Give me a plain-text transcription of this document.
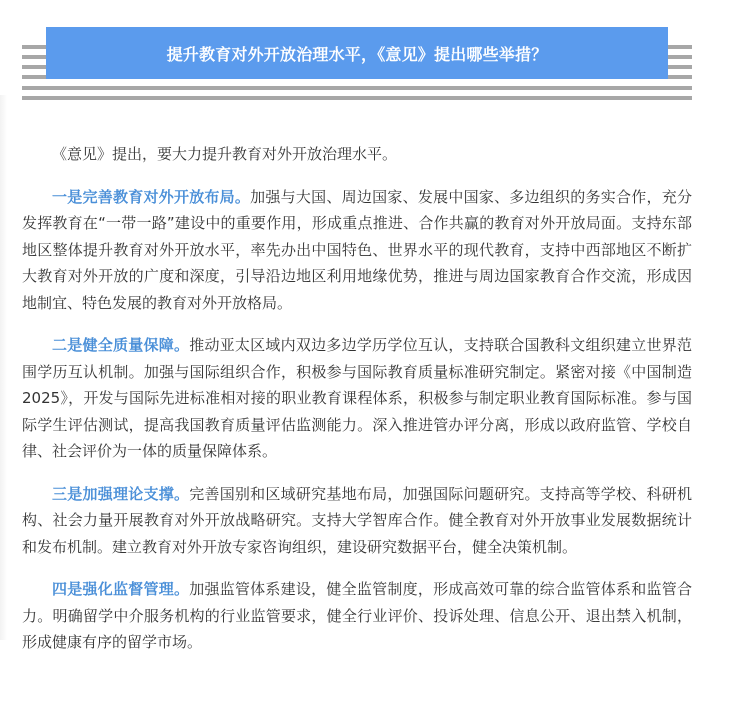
提升教育对外开放治理水平，《意见》提出哪些举措？

《意见》提出，要大力提升教育对外开放治理水平。

一是完善教育对外开放布局。加强与大国、周边国家、发展中国家、多边组织的务实合作，充分发挥教育在“一带一路”建设中的重要作用，形成重点推进、合作共赢的教育对外开放局面。支持东部地区整体提升教育对外开放水平，率先办出中国特色、世界水平的现代教育，支持中西部地区不断扩大教育对外开放的广度和深度，引导沿边地区利用地缘优势，推进与周边国家教育合作交流，形成因地制宜、特色发展的教育对外开放格局。

二是健全质量保障。推动亚太区域内双边多边学历学位互认，支持联合国教科文组织建立世界范围学历互认机制。加强与国际组织合作，积极参与国际教育质量标准研究制定。紧密对接《中国制造2025》，开发与国际先进标准相对接的职业教育课程体系，积极参与制定职业教育国际标准。参与国际学生评估测试，提高我国教育质量评估监测能力。深入推进管办评分离，形成以政府监管、学校自律、社会评价为一体的质量保障体系。

三是加强理论支撑。完善国别和区域研究基地布局，加强国际问题研究。支持高等学校、科研机构、社会力量开展教育对外开放战略研究。支持大学智库合作。健全教育对外开放事业发展数据统计和发布机制。建立教育对外开放专家咨询组织，建设研究数据平台，健全决策机制。

四是强化监督管理。加强监管体系建设，健全监管制度，形成高效可靠的综合监管体系和监管合力。明确留学中介服务机构的行业监管要求，健全行业评价、投诉处理、信息公开、退出禁入机制，形成健康有序的留学市场。
